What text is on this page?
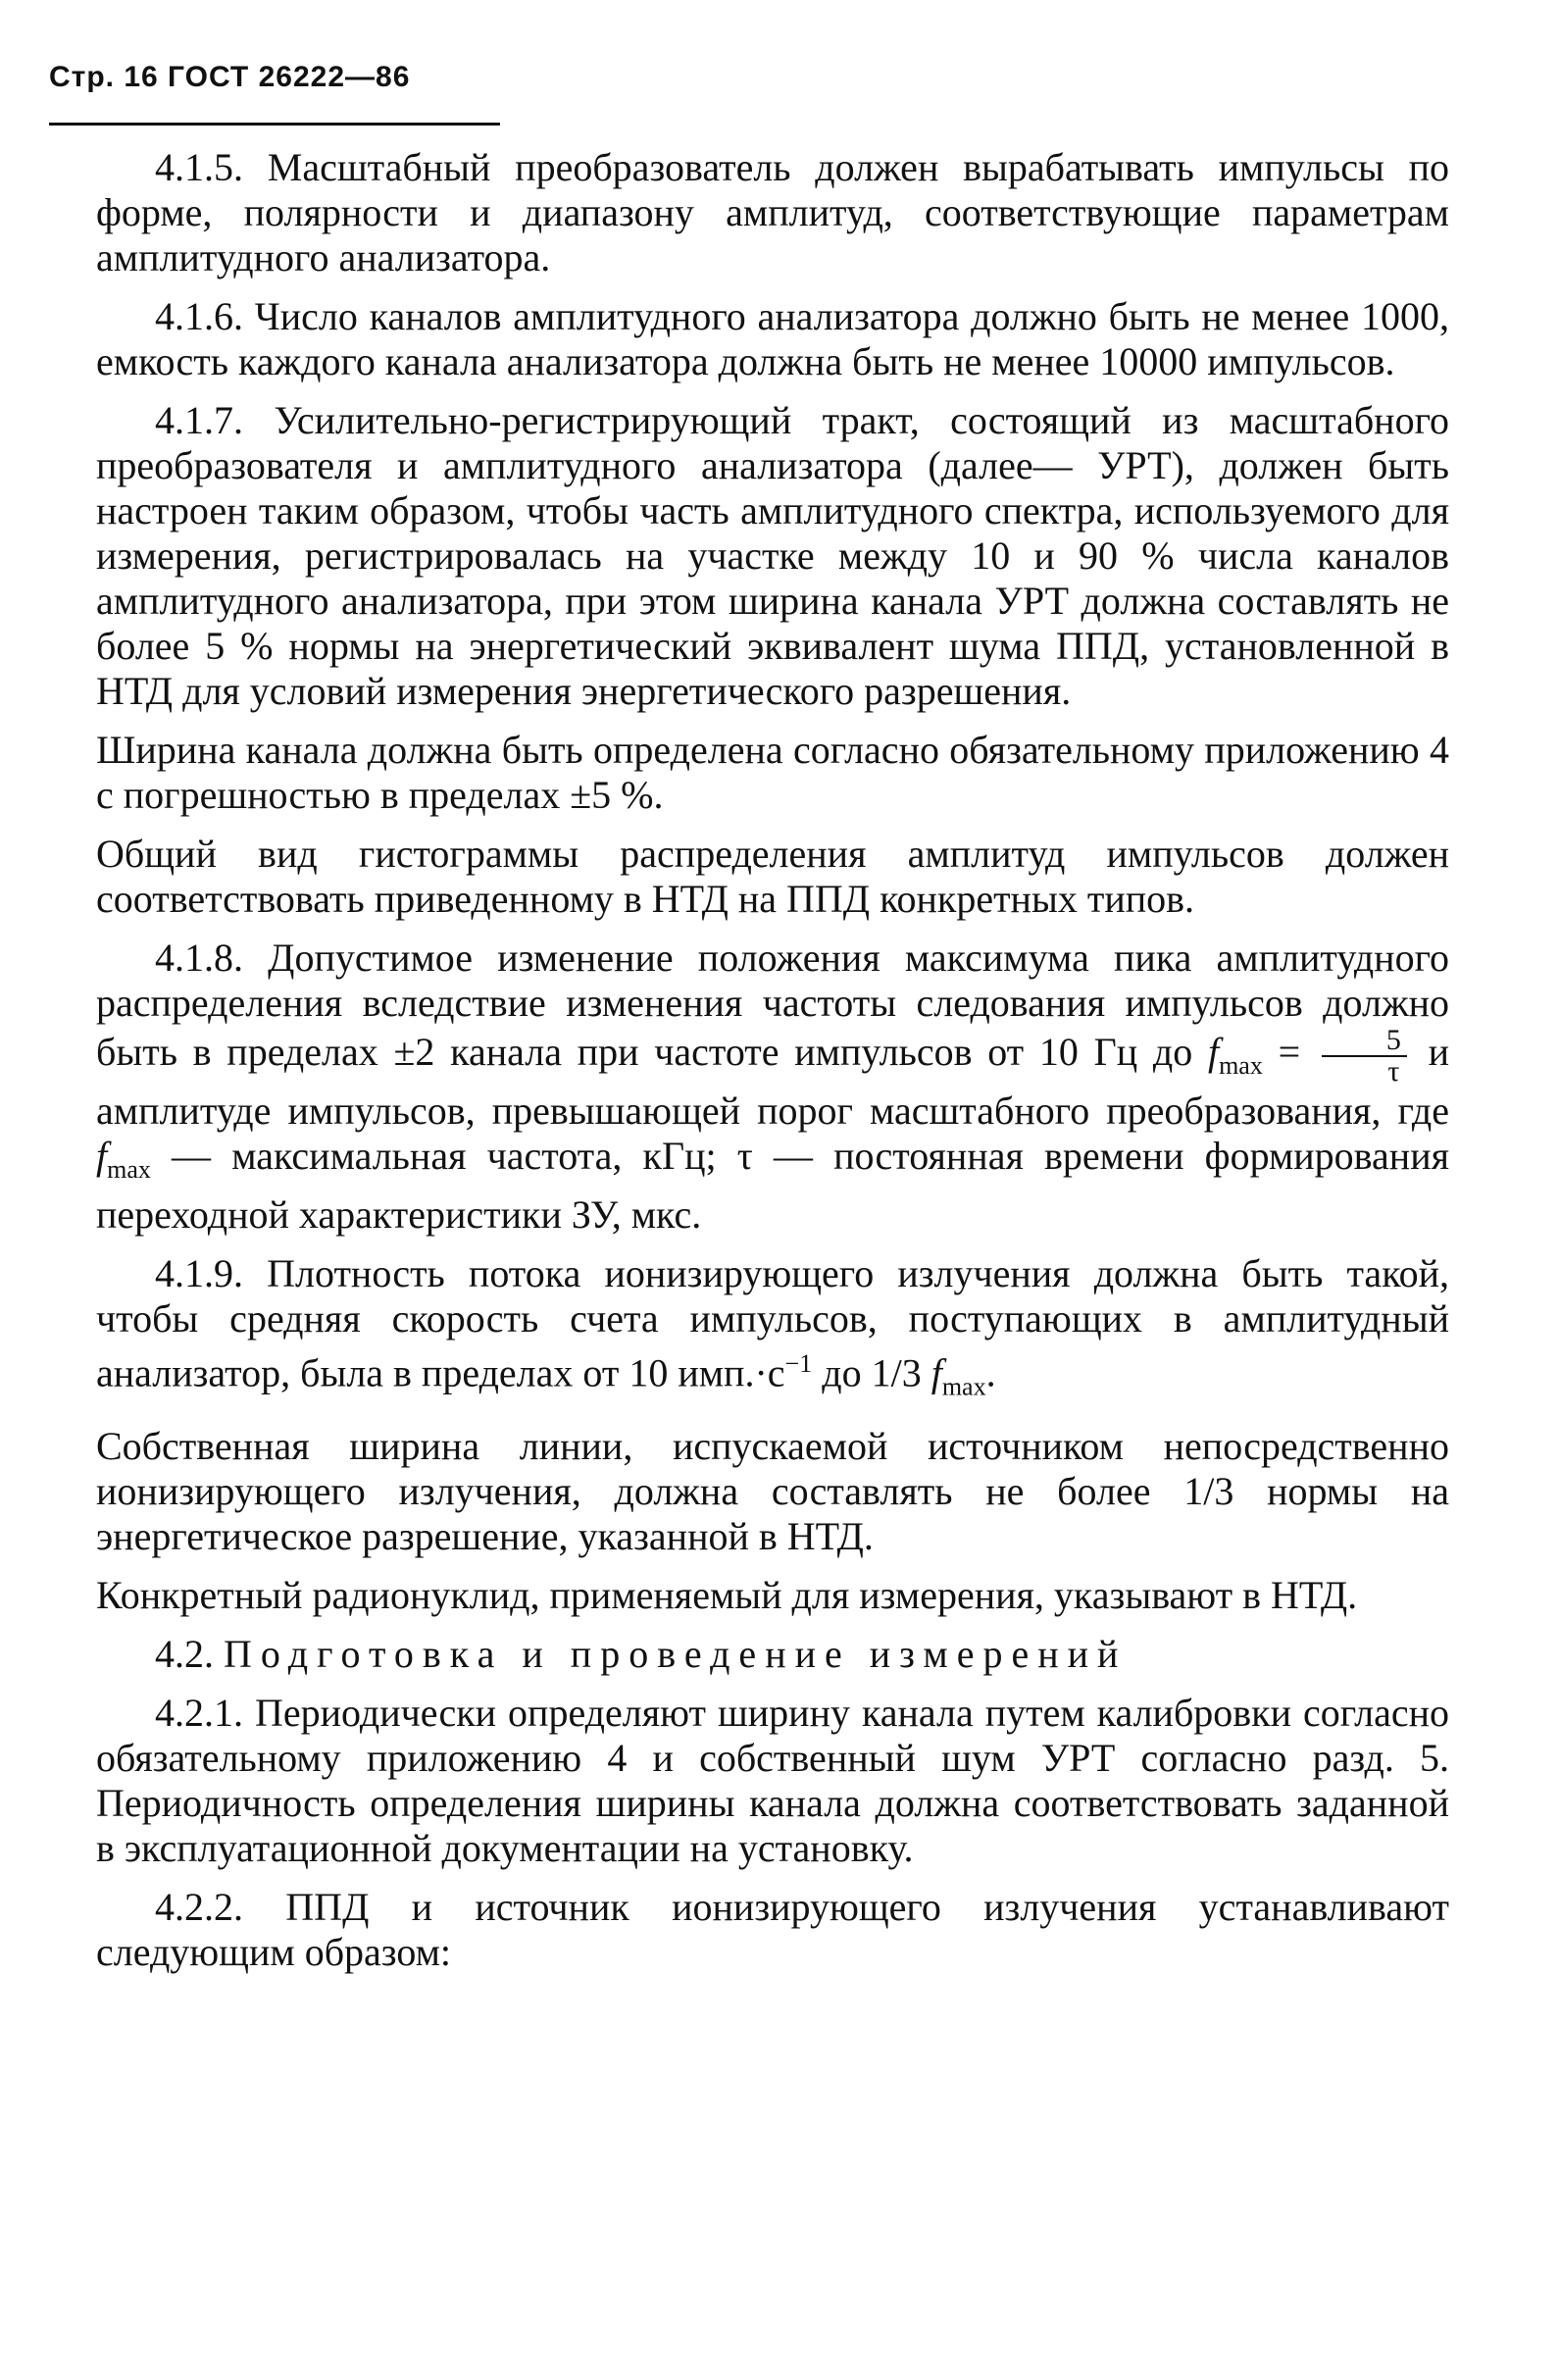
Стр. 16 ГОСТ 26222—86

4.1.5. Масштабный преобразователь должен вырабатывать импульсы по форме, полярности и диапазону амплитуд, соответствующие параметрам амплитудного анализатора.

4.1.6. Число каналов амплитудного анализатора должно быть не менее 1000, емкость каждого канала анализатора должна быть не менее 10000 импульсов.

4.1.7. Усилительно-регистрирующий тракт, состоящий из масштабного преобразователя и амплитудного анализатора (далее— УРТ), должен быть настроен таким образом, чтобы часть амплитудного спектра, используемого для измерения, регистрировалась на участке между 10 и 90 % числа каналов амплитудного анализатора, при этом ширина канала УРТ должна составлять не более 5 % нормы на энергетический эквивалент шума ППД, установленной в НТД для условий измерения энергетического разрешения.

Ширина канала должна быть определена согласно обязательному приложению 4 с погрешностью в пределах ±5 %.

Общий вид гистограммы распределения амплитуд импульсов должен соответствовать приведенному в НТД на ППД конкретных типов.

4.1.8. Допустимое изменение положения максимума пика амплитудного распределения вследствие изменения частоты следования импульсов должно быть в пределах ±2 канала при частоте импульсов от 10 Гц до $f_{max} = \frac{5}{\tau}$ и амплитуде импульсов, превышающей порог масштабного преобразования, где $f_{max}$ — максимальная частота, кГц; τ — постоянная времени формирования переходной характеристики ЗУ, мкс.

4.1.9. Плотность потока ионизирующего излучения должна быть такой, чтобы средняя скорость счета импульсов, поступающих в амплитудный анализатор, была в пределах от 10 $имп.\cdot с^{-1}$ до 1/3 $f_{max}$.

Собственная ширина линии, испускаемой источником непосредственно ионизирующего излучения, должна составлять не более 1/3 нормы на энергетическое разрешение, указанной в НТД.

Конкретный радионуклид, применяемый для измерения, указывают в НТД.

4.2. Подготовка и проведение измерений

4.2.1. Периодически определяют ширину канала путем калибровки согласно обязательному приложению 4 и собственный шум УРТ согласно разд. 5. Периодичность определения ширины канала должна соответствовать заданной в эксплуатационной документации на установку.

4.2.2. ППД и источник ионизирующего излучения устанавливают следующим образом:
